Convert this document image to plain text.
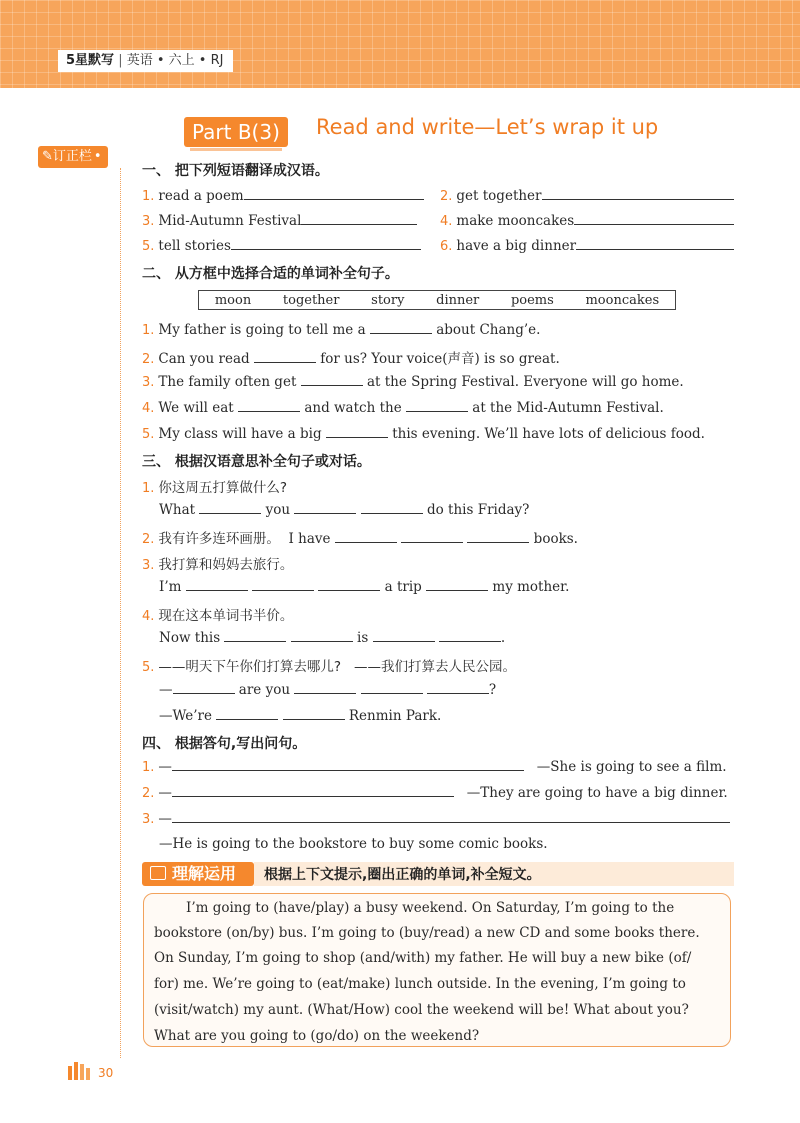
5星默写 | 英语 • 六上 • RJ
Part B(3)	Read and write—Let’s wrap it up
✎订正栏 •
一、 把下列短语翻译成汉语。
1. read a poem	2. get together
3. Mid-Autumn Festival	4. make mooncakes
5. tell stories	6. have a big dinner
二、 从方框中选择合适的单词补全句子。
moon together story dinner poems mooncakes
1. My father is going to tell me a	about Chang’e.
2. Can you read	for us? Your voice(声音) is so great.
3. The family often get	at the Spring Festival. Everyone will go home.
4. We will eat	and watch the	at the Mid-Autumn Festival.
5. My class will have a big	this evening. We’ll have lots of delicious food.
三、 根据汉语意思补全句子或对话。
1. 你这周五打算做什么?
What	you	do this Friday?
2. 我有许多连环画册。 I have	books.
3. 我打算和妈妈去旅行。
I’m	a trip	my mother.
4. 现在这本单词书半价。
Now this	is	.
5. ——明天下午你们打算去哪儿? ——我们打算去人民公园。
—	are you	?
—We’re	Renmin Park.
四、 根据答句,写出问句。
1. —	—She is going to see a film.
2. —	—They are going to have a big dinner.
3. —
—He is going to the bookstore to buy some comic books.
理解运用	根据上下文提示,圈出正确的单词,补全短文。
I’m going to (have/play) a busy weekend. On Saturday, I’m going to the
bookstore (on/by) bus. I’m going to (buy/read) a new CD and some books there.
On Sunday, I’m going to shop (and/with) my father. He will buy a new bike (of/
for) me. We’re going to (eat/make) lunch outside. In the evening, I’m going to
(visit/watch) my aunt. (What/How) cool the weekend will be! What about you?
What are you going to (go/do) on the weekend?
30
